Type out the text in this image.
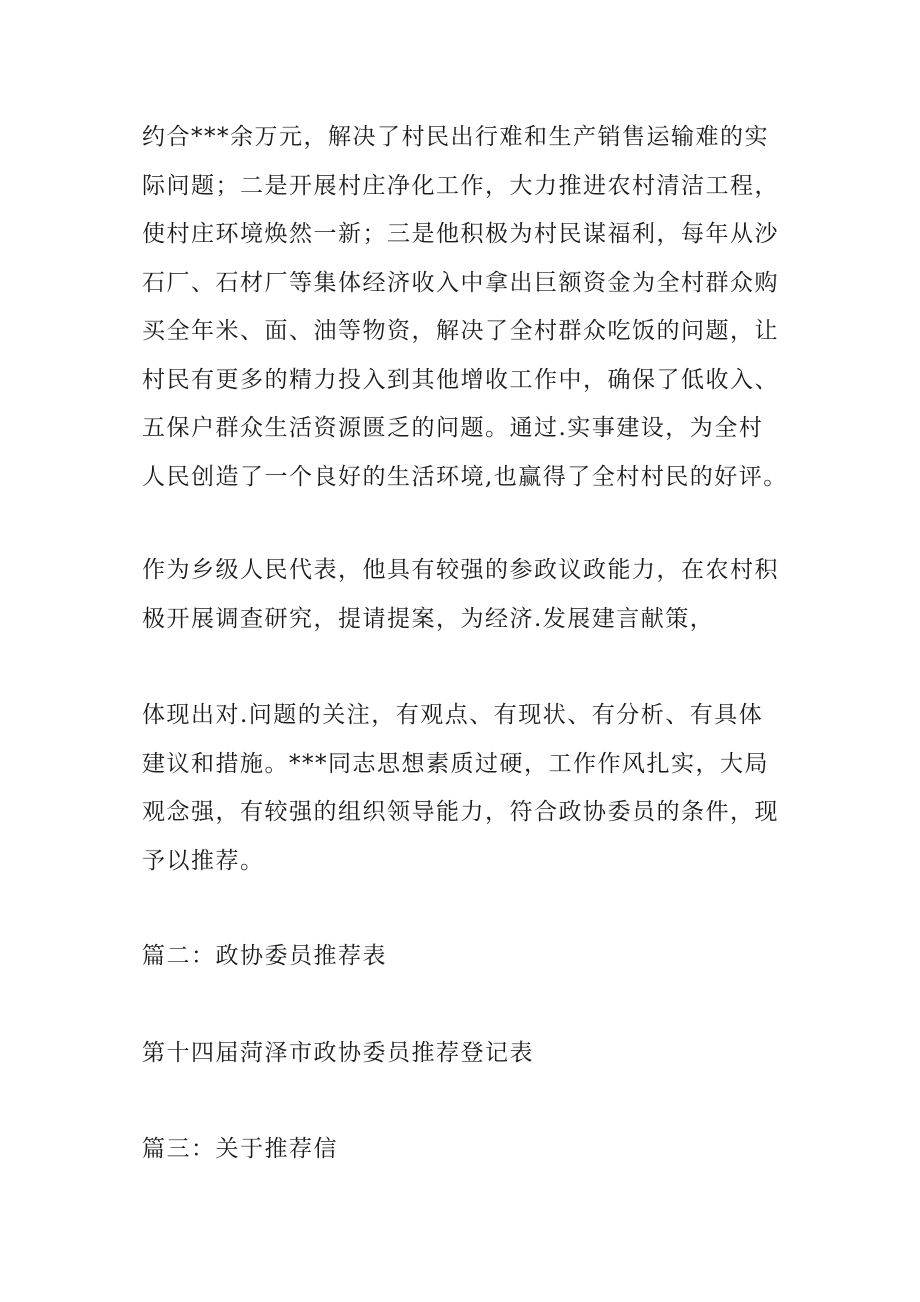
约合***余万元，解决了村民出行难和生产销售运输难的实
际问题；二是开展村庄净化工作，大力推进农村清洁工程，
使村庄环境焕然一新；三是他积极为村民谋福利，每年从沙
石厂、石材厂等集体经济收入中拿出巨额资金为全村群众购
买全年米、面、油等物资，解决了全村群众吃饭的问题，让
村民有更多的精力投入到其他增收工作中，确保了低收入、
五保户群众生活资源匮乏的问题。通过.实事建设，为全村
人民创造了一个良好的生活环境,也赢得了全村村民的好评。
作为乡级人民代表，他具有较强的参政议政能力，在农村积
极开展调查研究，提请提案，为经济.发展建言献策，
体现出对.问题的关注，有观点、有现状、有分析、有具体
建议和措施。***同志思想素质过硬，工作作风扎实，大局
观念强，有较强的组织领导能力，符合政协委员的条件，现
予以推荐。
篇二：政协委员推荐表
第十四届菏泽市政协委员推荐登记表
篇三：关于推荐信
